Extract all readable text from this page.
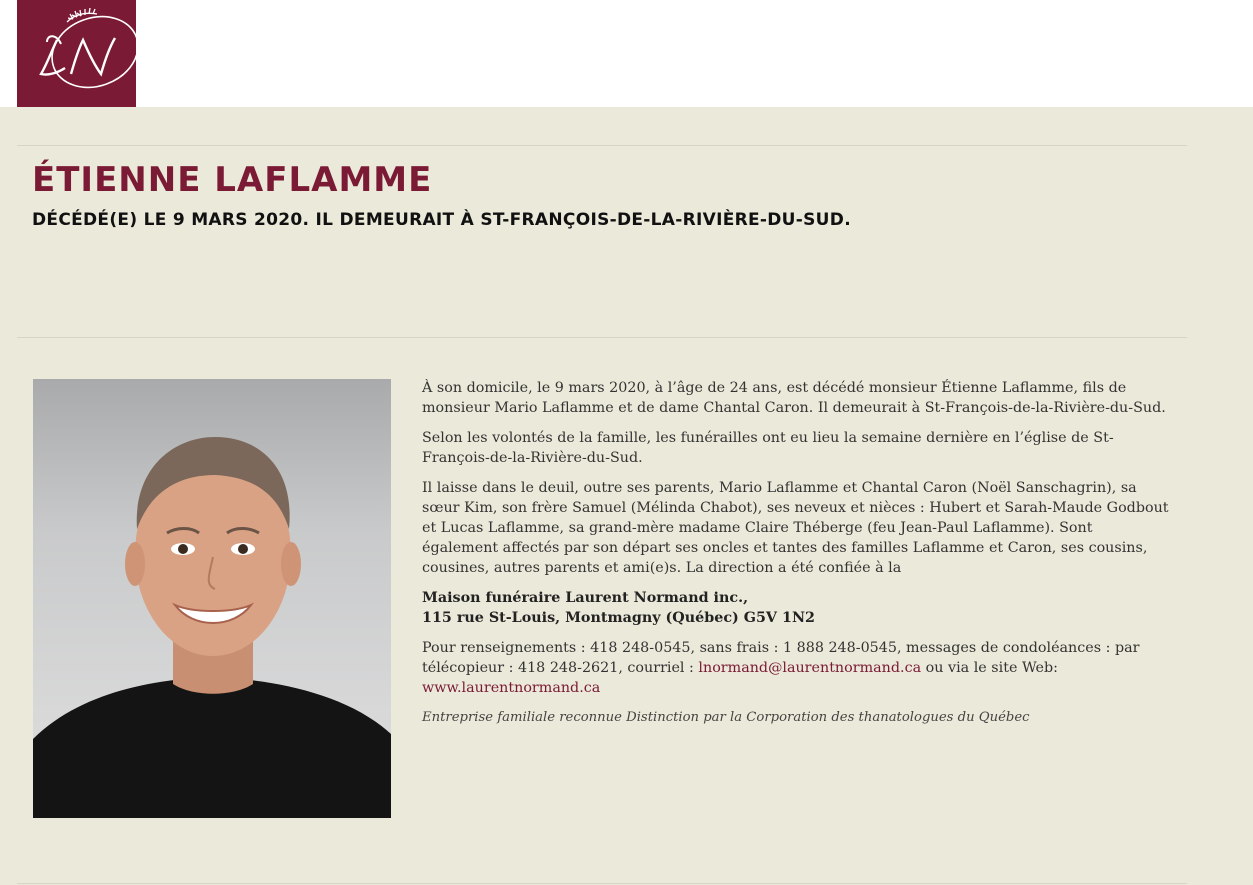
ÉTIENNE LAFLAMME
DÉCÉDÉ(E) LE 9 MARS 2020. IL DEMEURAIT À ST-FRANÇOIS-DE-LA-RIVIÈRE-DU-SUD.

À son domicile, le 9 mars 2020, à l’âge de 24 ans, est décédé monsieur Étienne Laflamme, fils de monsieur Mario Laflamme et de dame Chantal Caron. Il demeurait à St-François-de-la-Rivière-du-Sud.

Selon les volontés de la famille, les funérailles ont eu lieu la semaine dernière en l’église de St-François-de-la-Rivière-du-Sud.

Il laisse dans le deuil, outre ses parents, Mario Laflamme et Chantal Caron (Noël Sanschagrin), sa sœur Kim, son frère Samuel (Mélinda Chabot), ses neveux et nièces : Hubert et Sarah-Maude Godbout et Lucas Laflamme, sa grand-mère madame Claire Théberge (feu Jean-Paul Laflamme). Sont également affectés par son départ ses oncles et tantes des familles Laflamme et Caron, ses cousins, cousines, autres parents et ami(e)s. La direction a été confiée à la

Maison funéraire Laurent Normand inc.,
115 rue St-Louis, Montmagny (Québec) G5V 1N2

Pour renseignements : 418 248-0545, sans frais : 1 888 248-0545, messages de condoléances : par télécopieur : 418 248-2621, courriel : lnormand@laurentnormand.ca ou via le site Web:
www.laurentnormand.ca

Entreprise familiale reconnue Distinction par la Corporation des thanatologues du Québec
